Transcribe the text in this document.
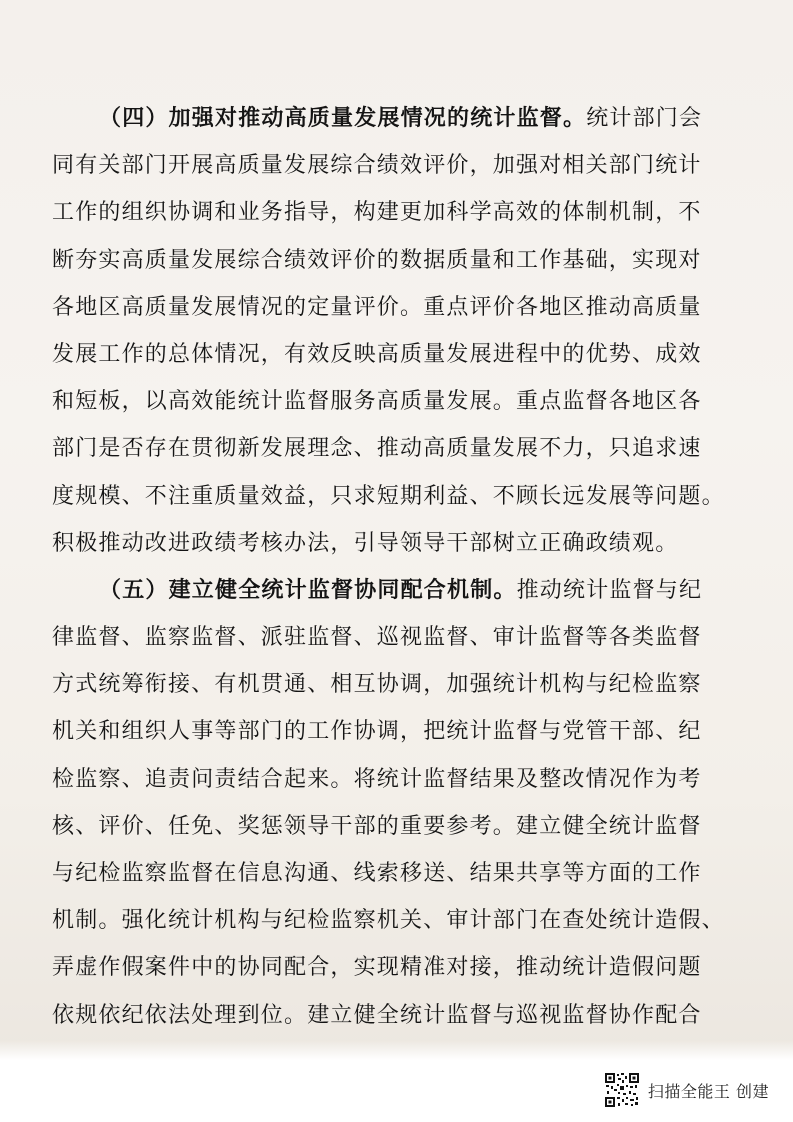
（四）加强对推动高质量发展情况的统计监督。统计部门会
同有关部门开展高质量发展综合绩效评价，加强对相关部门统计
工作的组织协调和业务指导，构建更加科学高效的体制机制，不
断夯实高质量发展综合绩效评价的数据质量和工作基础，实现对
各地区高质量发展情况的定量评价。重点评价各地区推动高质量
发展工作的总体情况，有效反映高质量发展进程中的优势、成效
和短板，以高效能统计监督服务高质量发展。重点监督各地区各
部门是否存在贯彻新发展理念、推动高质量发展不力，只追求速
度规模、不注重质量效益，只求短期利益、不顾长远发展等问题。
积极推动改进政绩考核办法，引导领导干部树立正确政绩观。
（五）建立健全统计监督协同配合机制。推动统计监督与纪
律监督、监察监督、派驻监督、巡视监督、审计监督等各类监督
方式统筹衔接、有机贯通、相互协调，加强统计机构与纪检监察
机关和组织人事等部门的工作协调，把统计监督与党管干部、纪
检监察、追责问责结合起来。将统计监督结果及整改情况作为考
核、评价、任免、奖惩领导干部的重要参考。建立健全统计监督
与纪检监察监督在信息沟通、线索移送、结果共享等方面的工作
机制。强化统计机构与纪检监察机关、审计部门在查处统计造假、
弄虚作假案件中的协同配合，实现精准对接，推动统计造假问题
依规依纪依法处理到位。建立健全统计监督与巡视监督协作配合
扫描全能王 创建
